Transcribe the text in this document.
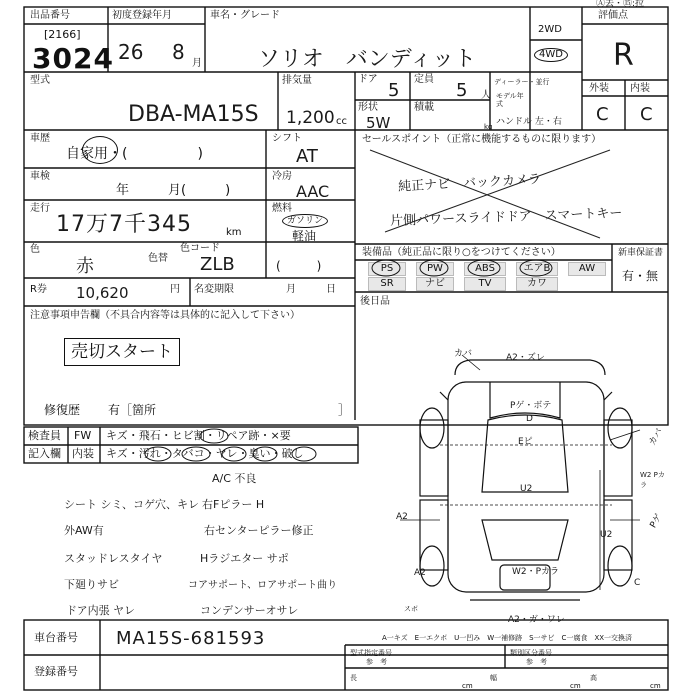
出品番号
[2166]
3024
初度登録年月
26 8 月
車名・グレード
ソリオ　バンディット
2WD
4WD
評価点
R
外装 内装
C C
Ⓐ去・⑮:拉
型式
DBA-MA15S
排気量
1,200 cc
ドア
5
定員
5 人
ディーラー・並行
モデル年式
形状
5W
積載
kg ハンドル 左・右
車歴
自家用・(　　　　　)
シフト
AT
車検
年　　　月(　　　)
冷房
AAC
走行
17万7千345	km
燃料
ガソリン
軽油
色
赤	色替
色コード
ZLB	(　　　)
R券 10,620	円 名変期限	月　　　日
後日品
セールスポイント（正常に機能するものに限ります）
純正ナビ　バックカメラ
片側パワースライドドア　スマートキー
装備品（純正品に限り○をつけてください）	新車保証書
有・無
PS	PW	ABS	エアB	AW
SR	ナビ	TV	カワ
注意事項申告欄（不具合内容等は具体的に記入して下さい）
売切スタート
修復歴 有［箇所	］
検査員
記入欄
FW キズ・飛石・ヒビ割・リペア跡・×要
内装 キズ・汚れ・タバコ・ヤレ・臭い・破し
A/C 不良
シート シミ、コゲ穴、キレ 右Fピラー H
外AW有	右センターピラー修正
スタッドレスタイヤ	Hラジエター サポ
下廻りサビ	コアサポート、ロアサポート曲り
ドア内張 ヤレ	コンデンサーオサレ
カバ	A2・ズレ
Pゲ・ボテ
D
Eピ
U2
カバ
W2 Pカラ
Pゲ
A2
U2
W2・Pカラ
A2
C
スボ
A2・ガ・ワレ
A一キズ　E一エクボ　U一凹み　W一補修跡　S一サビ　C一腐食　XX一交換済
車台番号 MA15S-681593
登録番号
型式指定番号
参　考
類別区分番号
参　考
長
cm
幅
cm
高
cm
